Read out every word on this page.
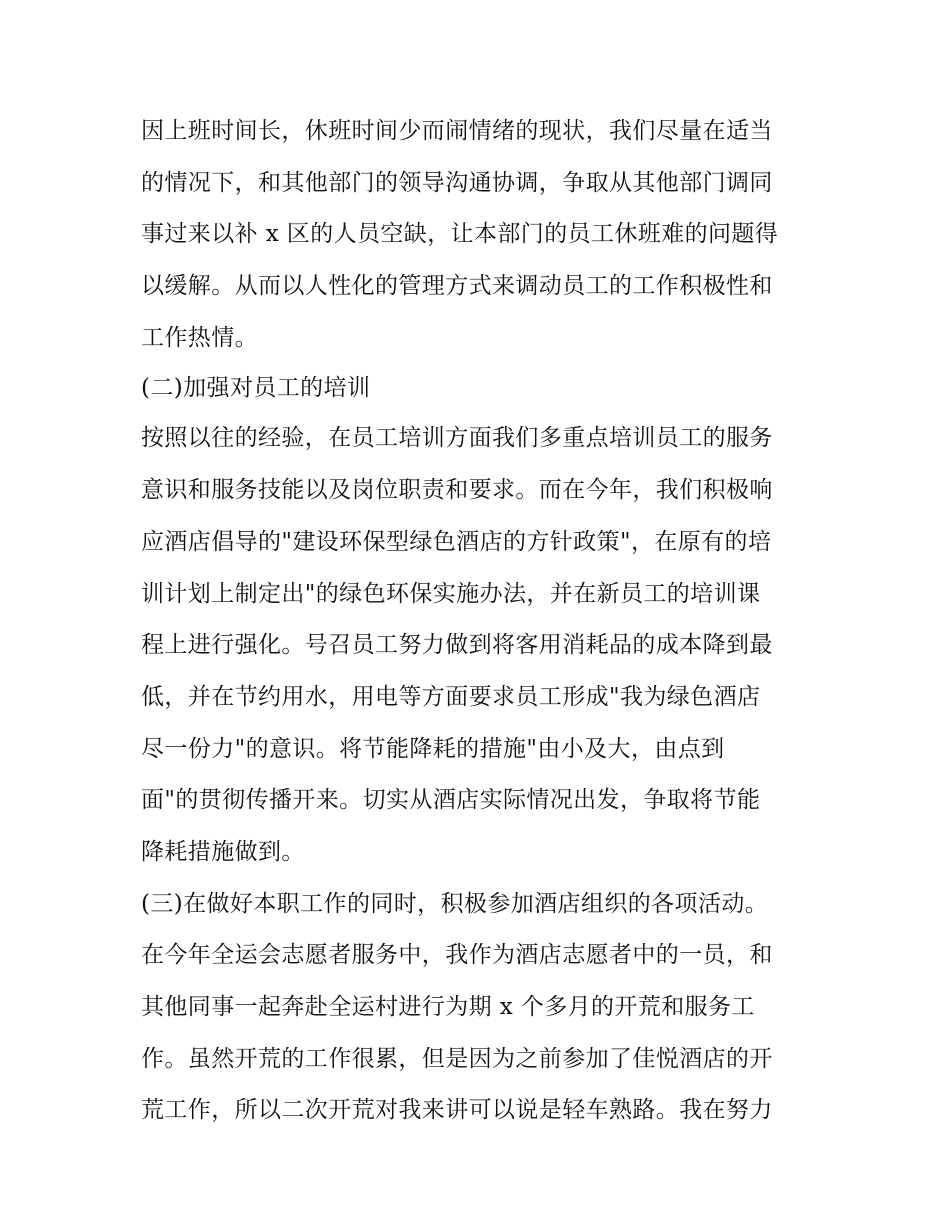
因上班时间长，休班时间少而闹情绪的现状，我们尽量在适当
的情况下，和其他部门的领导沟通协调，争取从其他部门调同
事过来以补 x 区的人员空缺，让本部门的员工休班难的问题得
以缓解。从而以人性化的管理方式来调动员工的工作积极性和
工作热情。
(二)加强对员工的培训
按照以往的经验，在员工培训方面我们多重点培训员工的服务
意识和服务技能以及岗位职责和要求。而在今年，我们积极响
应酒店倡导的"建设环保型绿色酒店的方针政策"，在原有的培
训计划上制定出"的绿色环保实施办法，并在新员工的培训课
程上进行强化。号召员工努力做到将客用消耗品的成本降到最
低，并在节约用水，用电等方面要求员工形成"我为绿色酒店
尽一份力"的意识。将节能降耗的措施"由小及大，由点到
面"的贯彻传播开来。切实从酒店实际情况出发，争取将节能
降耗措施做到。
(三)在做好本职工作的同时，积极参加酒店组织的各项活动。
在今年全运会志愿者服务中，我作为酒店志愿者中的一员，和
其他同事一起奔赴全运村进行为期 x 个多月的开荒和服务工
作。虽然开荒的工作很累，但是因为之前参加了佳悦酒店的开
荒工作，所以二次开荒对我来讲可以说是轻车熟路。我在努力
